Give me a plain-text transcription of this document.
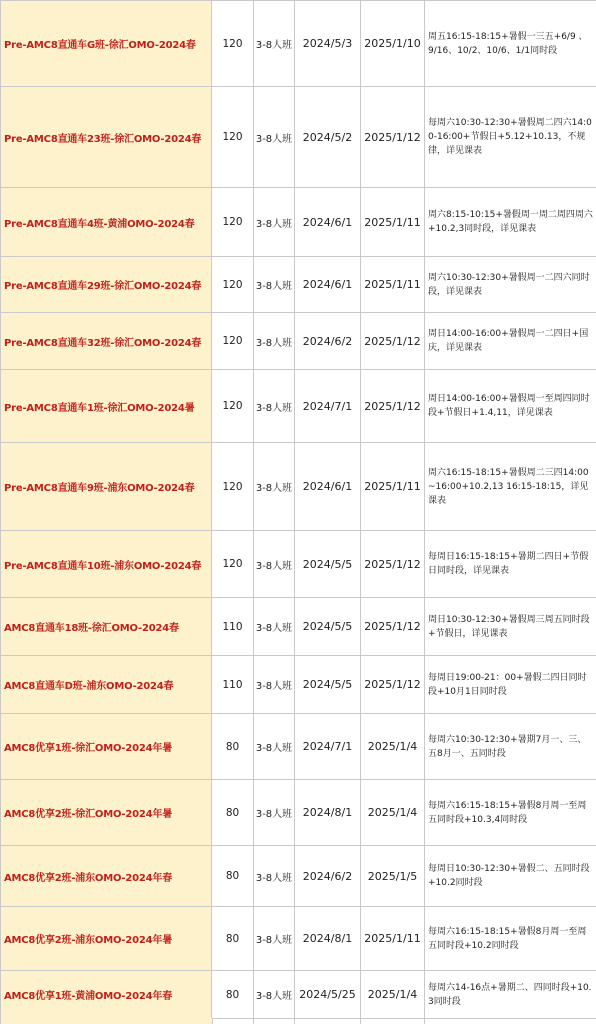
Pre-AMC8直通车G班-徐汇OMO-2024春	120	3-8人班	2024/5/3	2025/1/10	周五16:15-18:15+暑假一三五+6/9 、9/16、10/2、10/6、1/1同时段
Pre-AMC8直通车23班-徐汇OMO-2024春	120	3-8人班	2024/5/2	2025/1/12	每周六10:30-12:30+暑假周二四六14:00-16:00+节假日+5.12+10.13，不规律，详见课表
Pre-AMC8直通车4班-黄浦OMO-2024春	120	3-8人班	2024/6/1	2025/1/11	周六8:15-10:15+暑假周一周二周四周六+10.2,3同时段，详见课表
Pre-AMC8直通车29班-徐汇OMO-2024春	120	3-8人班	2024/6/1	2025/1/11	周六10:30-12:30+暑假周一二四六同时段，详见课表
Pre-AMC8直通车32班-徐汇OMO-2024春	120	3-8人班	2024/6/2	2025/1/12	周日14:00-16:00+暑假周一二四日+国庆，详见课表
Pre-AMC8直通车1班-徐汇OMO-2024暑	120	3-8人班	2024/7/1	2025/1/12	周日14:00-16:00+暑假周一至周四同时段+节假日+1.4,11，详见课表
Pre-AMC8直通车9班-浦东OMO-2024春	120	3-8人班	2024/6/1	2025/1/11	周六16:15-18:15+暑假周二三四14:00~16:00+10.2,13 16:15-18:15，详见课表
Pre-AMC8直通车10班-浦东OMO-2024春	120	3-8人班	2024/5/5	2025/1/12	每周日16:15-18:15+暑期二四日+节假日同时段，详见课表
AMC8直通车18班-徐汇OMO-2024春	110	3-8人班	2024/5/5	2025/1/12	周日10:30-12:30+暑假周三周五同时段+节假日，详见课表
AMC8直通车D班-浦东OMO-2024春	110	3-8人班	2024/5/5	2025/1/12	每周日19:00-21：00+暑假二四日同时段+10月1日同时段
AMC8优享1班-徐汇OMO-2024年暑	80	3-8人班	2024/7/1	2025/1/4	每周六10:30-12:30+暑期7月一、三、五8月一、五同时段
AMC8优享2班-徐汇OMO-2024年暑	80	3-8人班	2024/8/1	2025/1/4	每周六16:15-18:15+暑假8月周一至周五同时段+10.3,4同时段
AMC8优享2班-浦东OMO-2024年春	80	3-8人班	2024/6/2	2025/1/5	每周日10:30-12:30+暑假二、五同时段+10.2同时段
AMC8优享2班-浦东OMO-2024年暑	80	3-8人班	2024/8/1	2025/1/11	每周六16:15-18:15+暑假8月周一至周五同时段+10.2同时段
AMC8优享1班-黄浦OMO-2024年春	80	3-8人班	2024/5/25	2025/1/4	每周六14-16点+暑期二、四同时段+10.3同时段
